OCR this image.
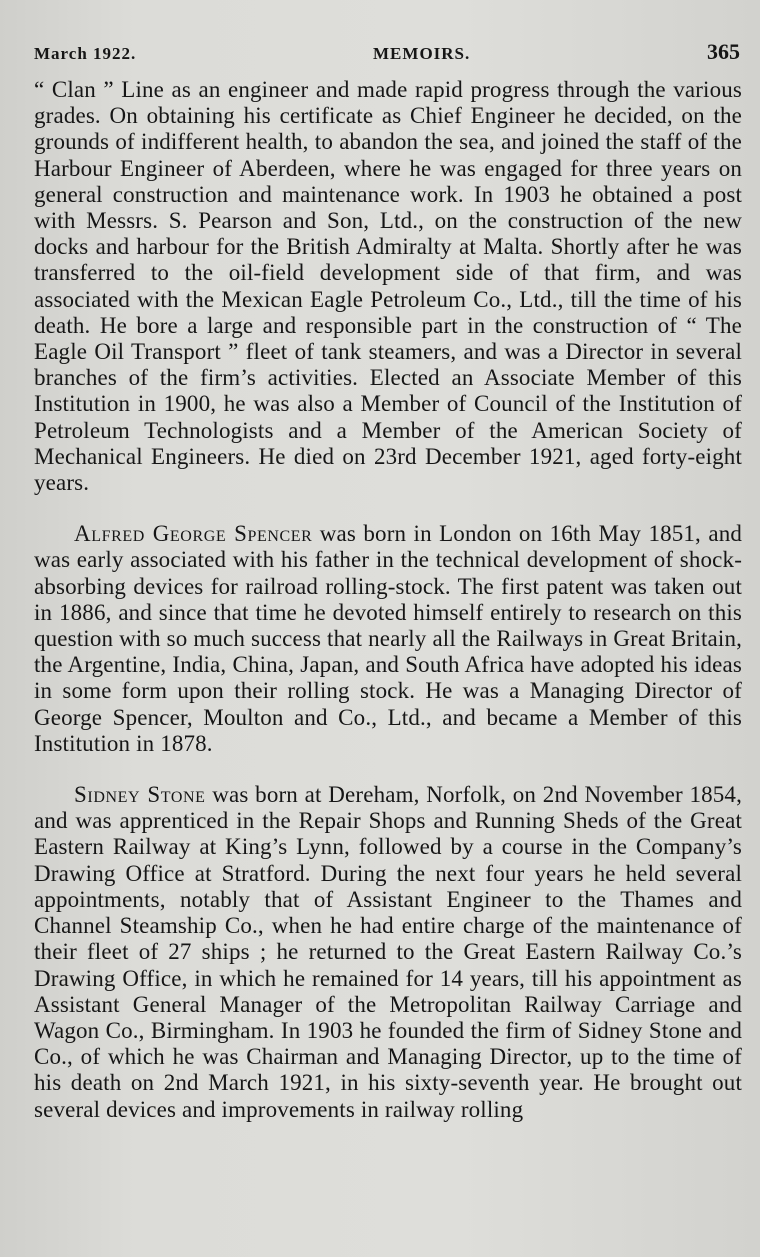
March 1922.	MEMOIRS.	365

“ Clan ” Line as an engineer and made rapid progress through the various grades. On obtaining his certificate as Chief Engineer he decided, on the grounds of indifferent health, to abandon the sea, and joined the staff of the Harbour Engineer of Aberdeen, where he was engaged for three years on general construction and maintenance work. In 1903 he obtained a post with Messrs. S. Pearson and Son, Ltd., on the construction of the new docks and harbour for the British Admiralty at Malta. Shortly after he was transferred to the oil-field development side of that firm, and was associated with the Mexican Eagle Petroleum Co., Ltd., till the time of his death. He bore a large and responsible part in the construction of “ The Eagle Oil Transport ” fleet of tank steamers, and was a Director in several branches of the firm’s activities. Elected an Associate Member of this Institution in 1900, he was also a Member of Council of the Institution of Petroleum Technologists and a Member of the American Society of Mechanical Engineers. He died on 23rd December 1921, aged forty-eight years.

Alfred George Spencer was born in London on 16th May 1851, and was early associated with his father in the technical development of shock-absorbing devices for railroad rolling-stock. The first patent was taken out in 1886, and since that time he devoted himself entirely to research on this question with so much success that nearly all the Railways in Great Britain, the Argentine, India, China, Japan, and South Africa have adopted his ideas in some form upon their rolling stock. He was a Managing Director of George Spencer, Moulton and Co., Ltd., and became a Member of this Institution in 1878.

Sidney Stone was born at Dereham, Norfolk, on 2nd November 1854, and was apprenticed in the Repair Shops and Running Sheds of the Great Eastern Railway at King’s Lynn, followed by a course in the Company’s Drawing Office at Stratford. During the next four years he held several appointments, notably that of Assistant Engineer to the Thames and Channel Steamship Co., when he had entire charge of the maintenance of their fleet of 27 ships ; he returned to the Great Eastern Railway Co.’s Drawing Office, in which he remained for 14 years, till his appointment as Assistant General Manager of the Metropolitan Railway Carriage and Wagon Co., Birmingham. In 1903 he founded the firm of Sidney Stone and Co., of which he was Chairman and Managing Director, up to the time of his death on 2nd March 1921, in his sixty-seventh year. He brought out several devices and improvements in railway rolling
